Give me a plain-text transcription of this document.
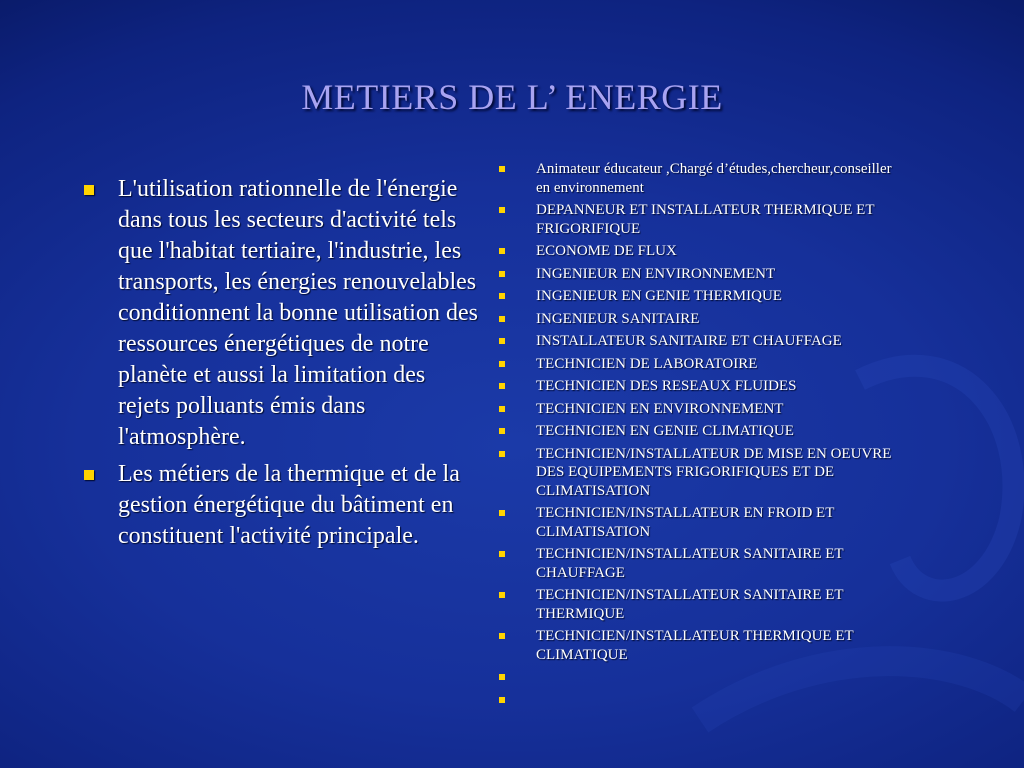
METIERS DE L’ ENERGIE
L'utilisation rationnelle de l'énergie dans tous les secteurs d'activité tels que l'habitat tertiaire, l'industrie, les transports, les énergies renouvelables conditionnent la bonne utilisation des ressources énergétiques de notre planète et aussi la limitation des rejets polluants émis dans l'atmosphère.
Les métiers de la thermique et de la gestion énergétique du bâtiment en constituent l'activité principale.
Animateur éducateur ,Chargé d’études,chercheur,conseiller en environnement
DEPANNEUR ET INSTALLATEUR THERMIQUE ET FRIGORIFIQUE
ECONOME DE FLUX
INGENIEUR EN ENVIRONNEMENT
INGENIEUR EN GENIE THERMIQUE
INGENIEUR SANITAIRE
INSTALLATEUR SANITAIRE ET CHAUFFAGE
TECHNICIEN DE LABORATOIRE
TECHNICIEN DES RESEAUX FLUIDES
TECHNICIEN EN ENVIRONNEMENT
TECHNICIEN EN GENIE CLIMATIQUE
TECHNICIEN/INSTALLATEUR DE MISE EN OEUVRE DES EQUIPEMENTS FRIGORIFIQUES ET DE CLIMATISATION
TECHNICIEN/INSTALLATEUR EN FROID ET CLIMATISATION
TECHNICIEN/INSTALLATEUR SANITAIRE ET CHAUFFAGE
TECHNICIEN/INSTALLATEUR SANITAIRE ET THERMIQUE
TECHNICIEN/INSTALLATEUR THERMIQUE ET CLIMATIQUE
